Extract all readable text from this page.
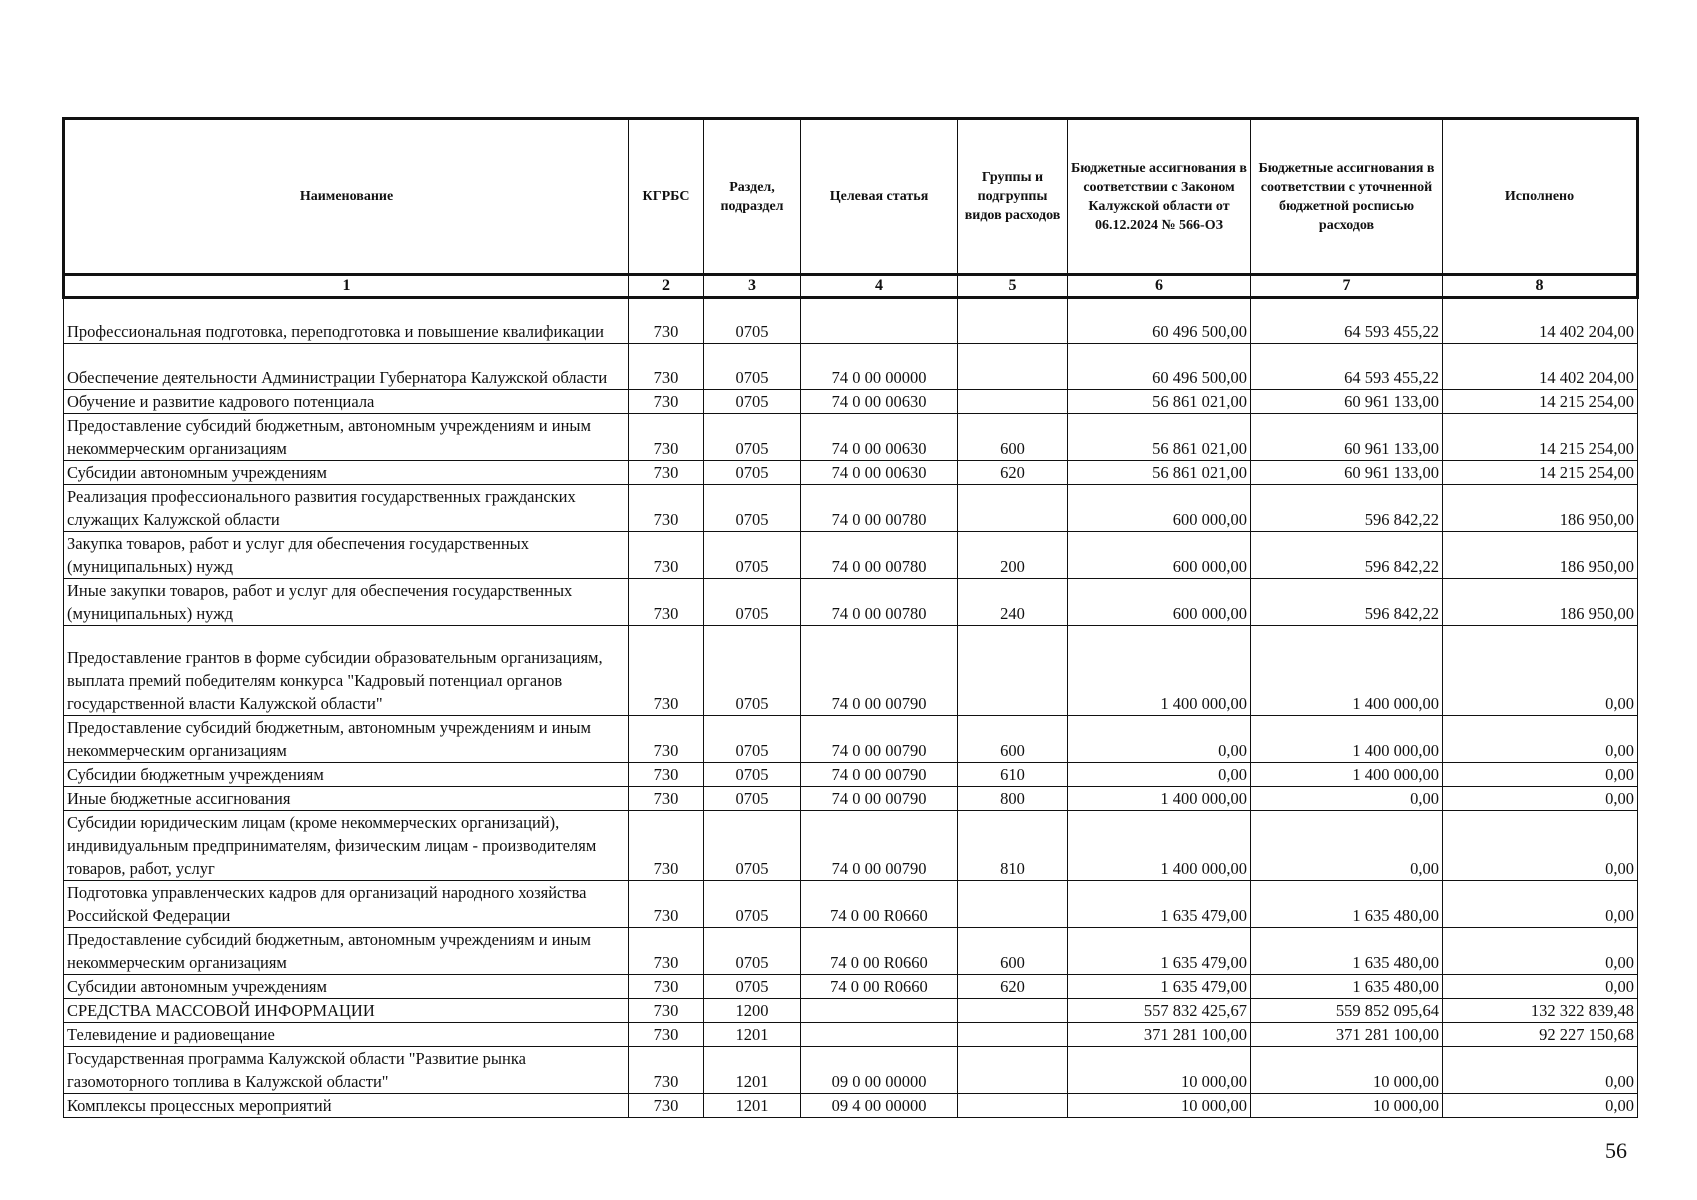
Наименование	КГРБС	Раздел, подраздел	Целевая статья	Группы и подгруппы видов расходов	Бюджетные ассигнования в соответствии с Законом Калужской области от 06.12.2024 № 566-ОЗ	Бюджетные ассигнования в соответствии с уточненной бюджетной росписью расходов	Исполнено
1	2	3	4	5	6	7	8
Профессиональная подготовка, переподготовка и повышение квалификации	730	0705			60 496 500,00	64 593 455,22	14 402 204,00
Обеспечение деятельности Администрации Губернатора Калужской области	730	0705	74 0 00 00000		60 496 500,00	64 593 455,22	14 402 204,00
Обучение и развитие кадрового потенциала	730	0705	74 0 00 00630		56 861 021,00	60 961 133,00	14 215 254,00
Предоставление субсидий бюджетным, автономным учреждениям и иным некоммерческим организациям	730	0705	74 0 00 00630	600	56 861 021,00	60 961 133,00	14 215 254,00
Субсидии автономным учреждениям	730	0705	74 0 00 00630	620	56 861 021,00	60 961 133,00	14 215 254,00
Реализация профессионального развития государственных гражданских служащих Калужской области	730	0705	74 0 00 00780		600 000,00	596 842,22	186 950,00
Закупка товаров, работ и услуг для обеспечения государственных (муниципальных) нужд	730	0705	74 0 00 00780	200	600 000,00	596 842,22	186 950,00
Иные закупки товаров, работ и услуг для обеспечения государственных (муниципальных) нужд	730	0705	74 0 00 00780	240	600 000,00	596 842,22	186 950,00
Предоставление грантов в форме субсидии образовательным организациям, выплата премий победителям конкурса "Кадровый потенциал органов государственной власти Калужской области"	730	0705	74 0 00 00790		1 400 000,00	1 400 000,00	0,00
Предоставление субсидий бюджетным, автономным учреждениям и иным некоммерческим организациям	730	0705	74 0 00 00790	600	0,00	1 400 000,00	0,00
Субсидии бюджетным учреждениям	730	0705	74 0 00 00790	610	0,00	1 400 000,00	0,00
Иные бюджетные ассигнования	730	0705	74 0 00 00790	800	1 400 000,00	0,00	0,00
Субсидии юридическим лицам (кроме некоммерческих организаций), индивидуальным предпринимателям, физическим лицам - производителям товаров, работ, услуг	730	0705	74 0 00 00790	810	1 400 000,00	0,00	0,00
Подготовка управленческих кадров для организаций народного хозяйства Российской Федерации	730	0705	74 0 00 R0660		1 635 479,00	1 635 480,00	0,00
Предоставление субсидий бюджетным, автономным учреждениям и иным некоммерческим организациям	730	0705	74 0 00 R0660	600	1 635 479,00	1 635 480,00	0,00
Субсидии автономным учреждениям	730	0705	74 0 00 R0660	620	1 635 479,00	1 635 480,00	0,00
СРЕДСТВА МАССОВОЙ ИНФОРМАЦИИ	730	1200			557 832 425,67	559 852 095,64	132 322 839,48
Телевидение и радиовещание	730	1201			371 281 100,00	371 281 100,00	92 227 150,68
Государственная программа Калужской области "Развитие рынка газомоторного топлива в Калужской области"	730	1201	09 0 00 00000		10 000,00	10 000,00	0,00
Комплексы процессных мероприятий	730	1201	09 4 00 00000		10 000,00	10 000,00	0,00
56
